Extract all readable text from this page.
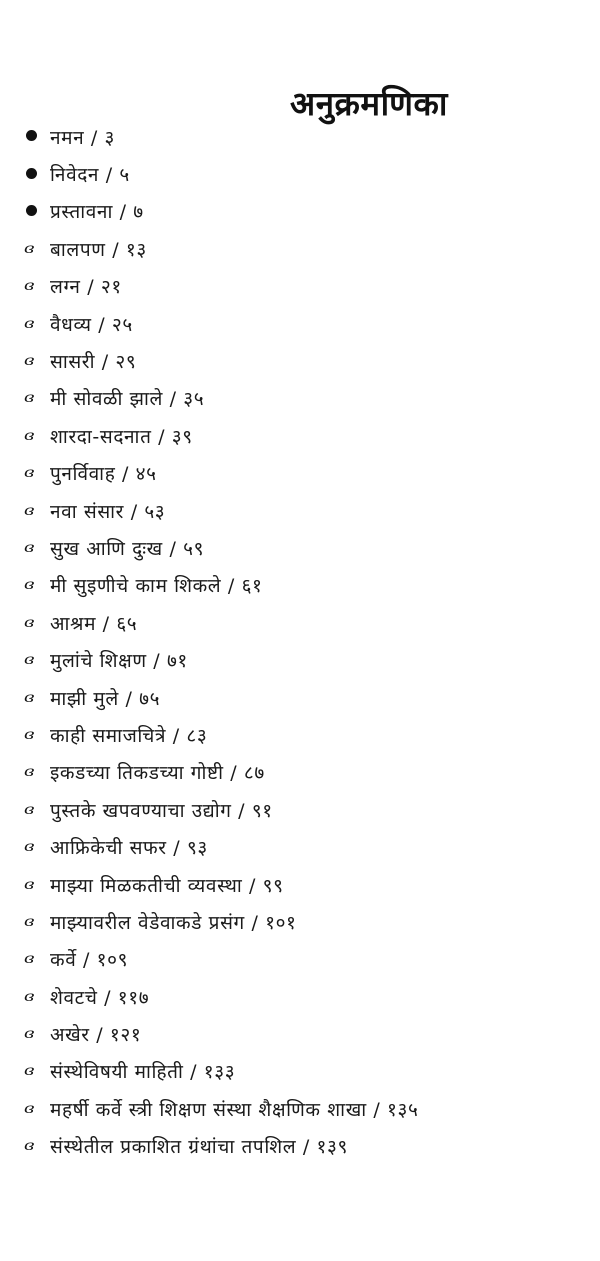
अनुक्रमणिका
नमन / ३
निवेदन / ५
प्रस्तावना / ७
ɞ बालपण / १३
ɞ लग्न / २१
ɞ वैधव्य / २५
ɞ सासरी / २९
ɞ मी सोवळी झाले / ३५
ɞ शारदा-सदनात / ३९
ɞ पुनर्विवाह / ४५
ɞ नवा संसार / ५३
ɞ सुख आणि दुःख / ५९
ɞ मी सुइणीचे काम शिकले / ६१
ɞ आश्रम / ६५
ɞ मुलांचे शिक्षण / ७१
ɞ माझी मुले / ७५
ɞ काही समाजचित्रे / ८३
ɞ इकडच्या तिकडच्या गोष्टी / ८७
ɞ पुस्तके खपवण्याचा उद्योग / ९१
ɞ आफ्रिकेची सफर / ९३
ɞ माझ्या मिळकतीची व्यवस्था / ९९
ɞ माझ्यावरील वेडेवाकडे प्रसंग / १०१
ɞ कर्वे / १०९
ɞ शेवटचे / ११७
ɞ अखेर / १२१
ɞ संस्थेविषयी माहिती / १३३
ɞ महर्षी कर्वे स्त्री शिक्षण संस्था शैक्षणिक शाखा / १३५
ɞ संस्थेतील प्रकाशित ग्रंथांचा तपशिल / १३९
